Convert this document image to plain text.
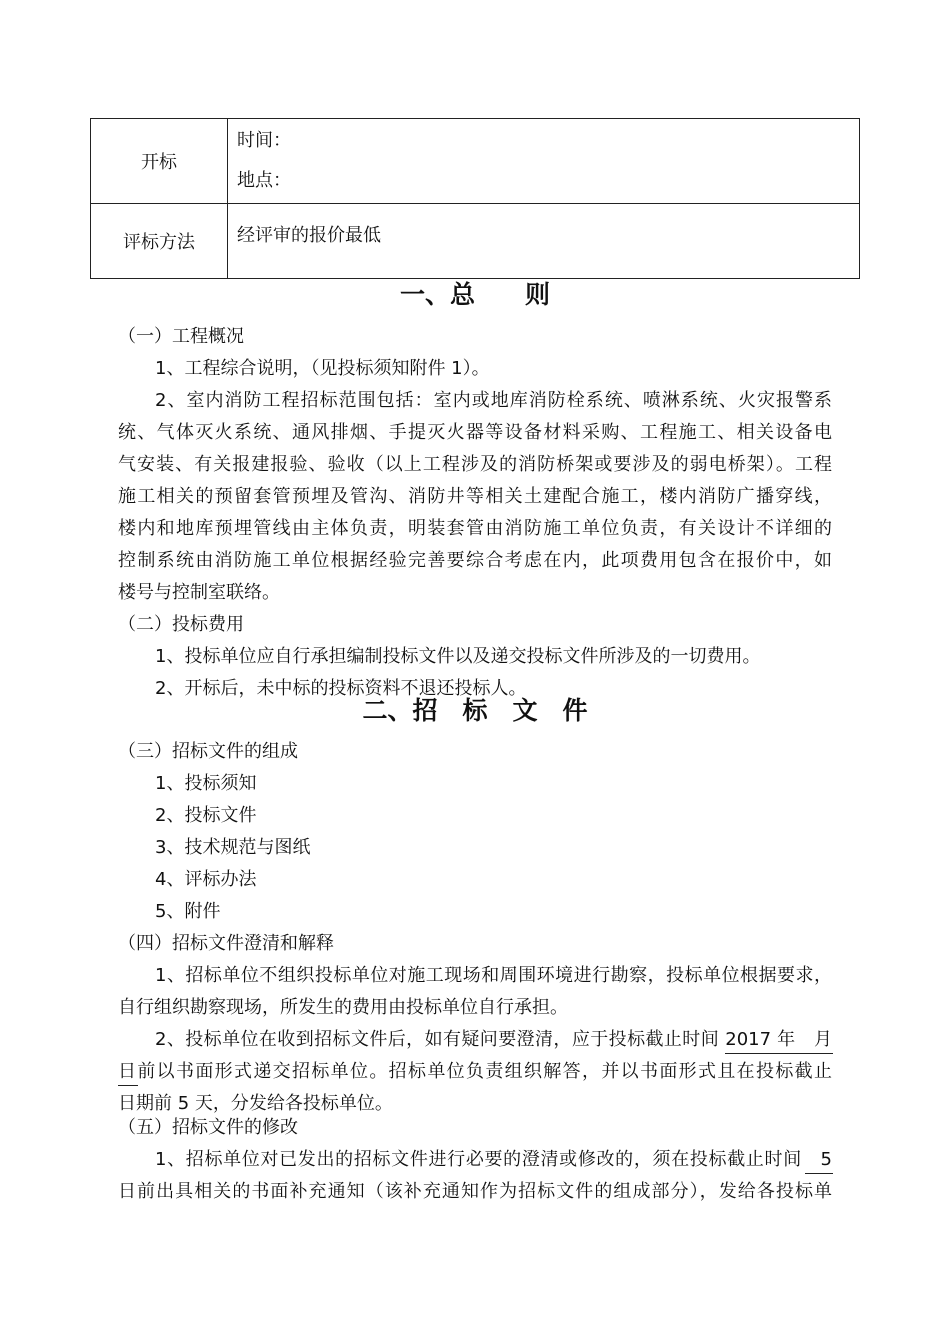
开标	时间：
地点：

评标方法	经评审的报价最低
一、总　　则
（一）工程概况
1、工程综合说明，（见投标须知附件 1）。
2、室内消防工程招标范围包括：室内或地库消防栓系统、喷淋系统、火灾报警系
统、气体灭火系统、通风排烟、手提灭火器等设备材料采购、工程施工、相关设备电
气安装、有关报建报验、验收（以上工程涉及的消防桥架或要涉及的弱电桥架）。工程
施工相关的预留套管预埋及管沟、消防井等相关土建配合施工，楼内消防广播穿线，
楼内和地库预埋管线由主体负责，明装套管由消防施工单位负责，有关设计不详细的
控制系统由消防施工单位根据经验完善要综合考虑在内，此项费用包含在报价中，如
楼号与控制室联络。
（二）投标费用
1、投标单位应自行承担编制投标文件以及递交投标文件所涉及的一切费用。
2、开标后，未中标的投标资料不退还投标人。
二、招　标　文　件
（三）招标文件的组成
1、投标须知
2、投标文件
3、技术规范与图纸
4、评标办法
5、附件
（四）招标文件澄清和解释
1、招标单位不组织投标单位对施工现场和周围环境进行勘察，投标单位根据要求，
自行组织勘察现场，所发生的费用由投标单位自行承担。
2、投标单位在收到招标文件后，如有疑问要澄清，应于投标截止时间 2017 年　月
日前以书面形式递交招标单位。招标单位负责组织解答，并以书面形式且在投标截止
日期前 5 天，分发给各投标单位。
（五）招标文件的修改
1、招标单位对已发出的招标文件进行必要的澄清或修改的，须在投标截止时间　5
日前出具相关的书面补充通知（该补充通知作为招标文件的组成部分），发给各投标单
